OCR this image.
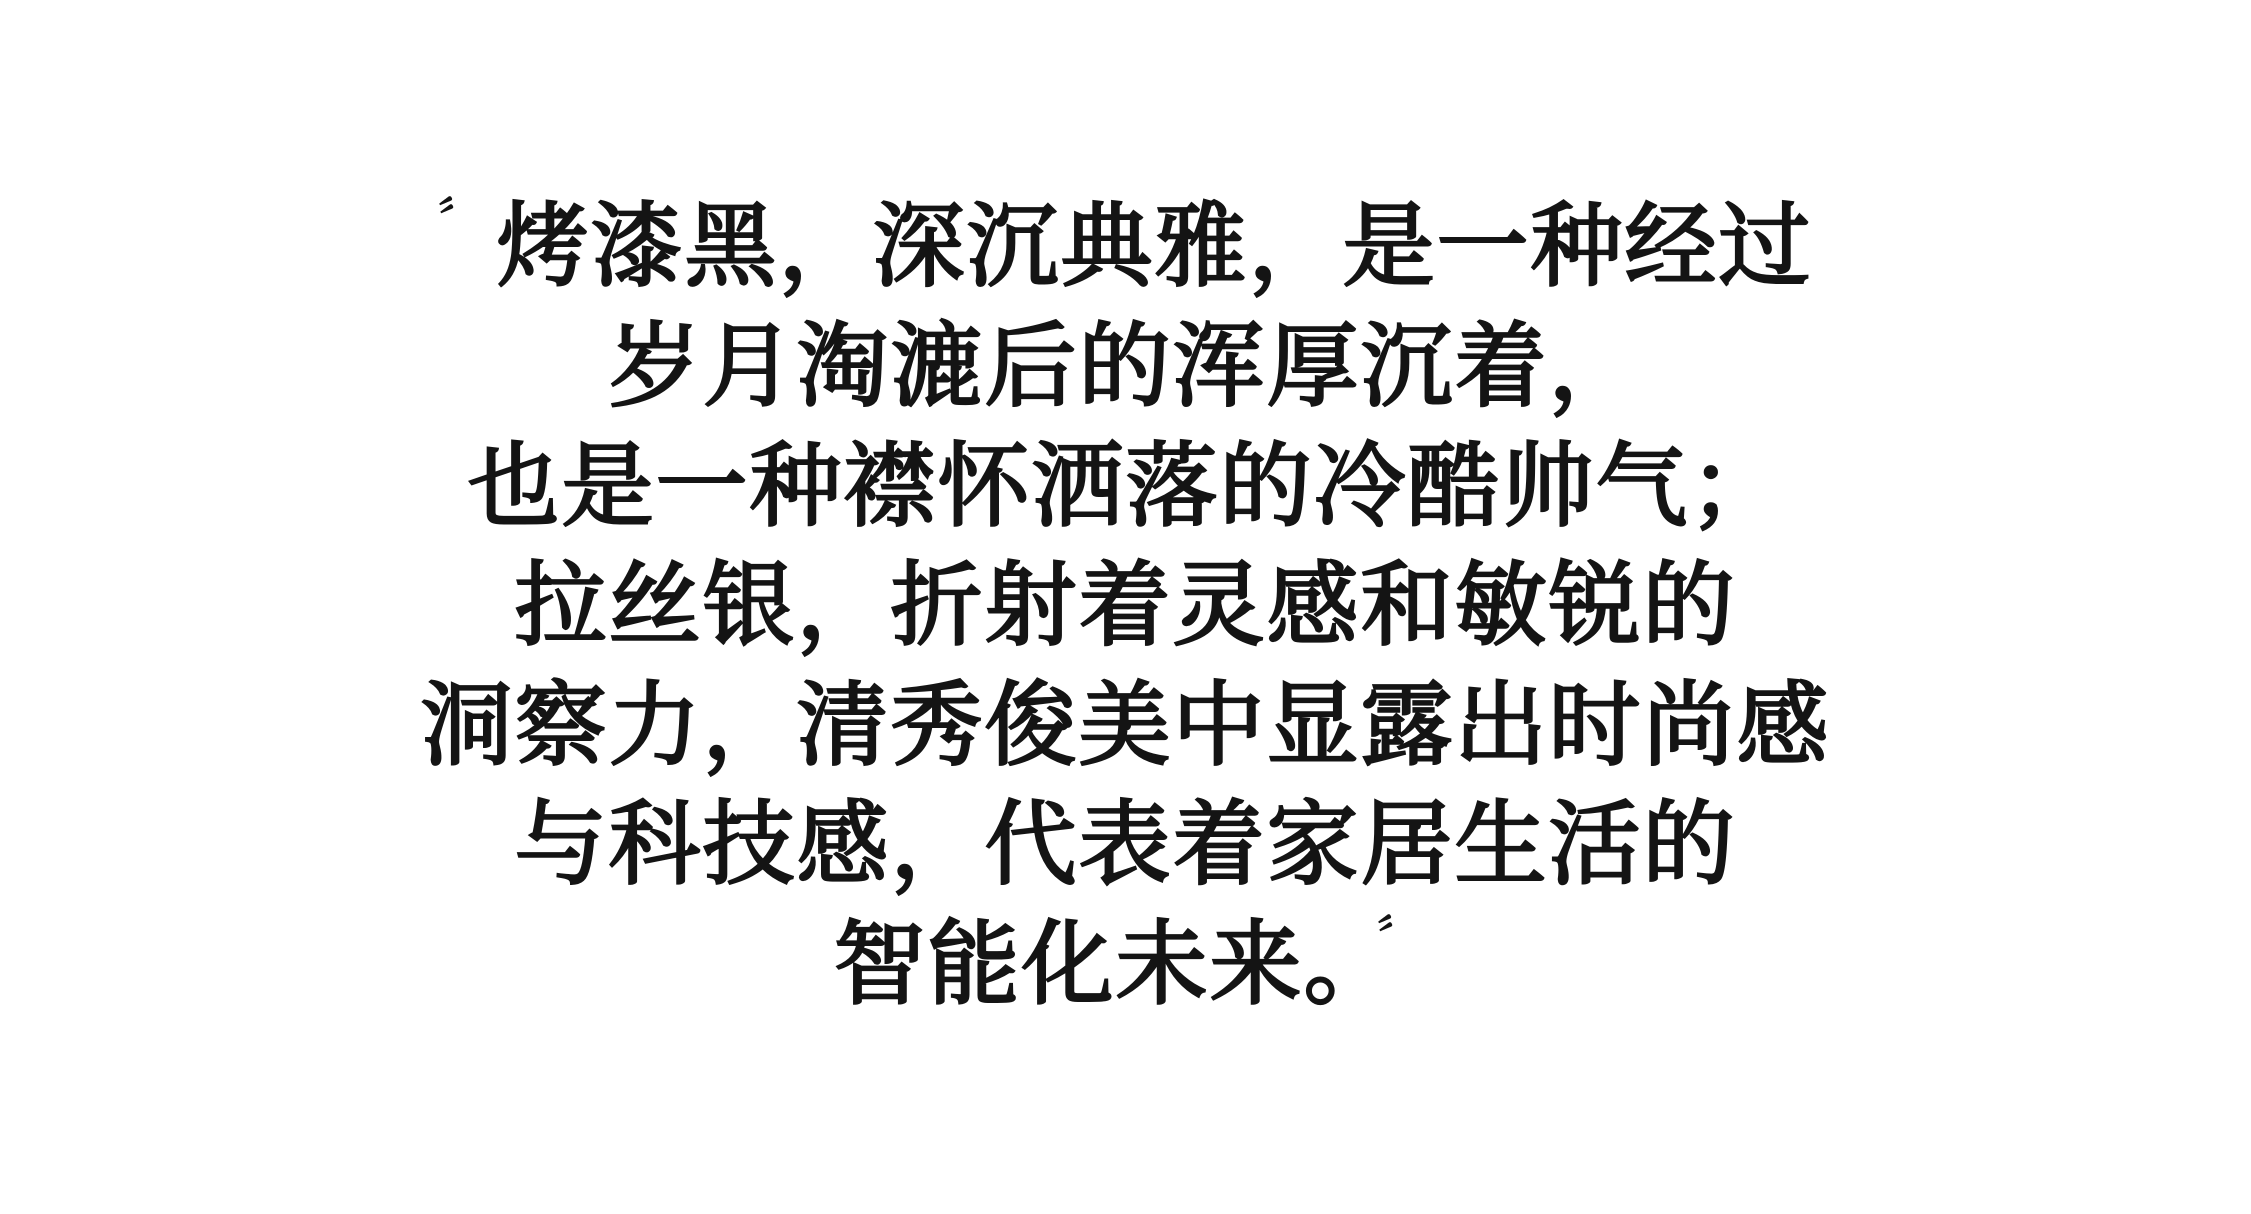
〞 烤漆黑，深沉典雅，是一种经过
岁月淘漉后的浑厚沉着，
也是一种襟怀洒落的冷酷帅气；
拉丝银，折射着灵感和敏锐的
洞察力，清秀俊美中显露出时尚感
与科技感，代表着家居生活的
智能化未来。 〞
